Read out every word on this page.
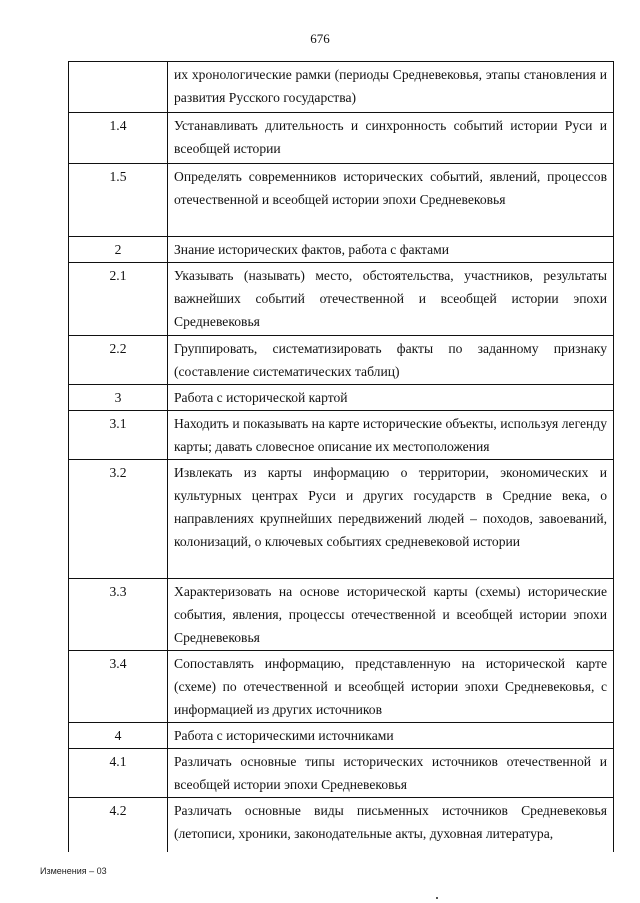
676
	их хронологические рамки (периоды Средневековья, этапы становления и развития Русского государства)
1.4	Устанавливать длительность и синхронность событий истории Руси и всеобщей истории
1.5	Определять современников исторических событий, явлений, процессов отечественной и всеобщей истории эпохи Средневековья
2	Знание исторических фактов, работа с фактами
2.1	Указывать (называть) место, обстоятельства, участников, результаты важнейших событий отечественной и всеобщей истории эпохи Средневековья
2.2	Группировать, систематизировать факты по заданному признаку (составление систематических таблиц)
3	Работа с исторической картой
3.1	Находить и показывать на карте исторические объекты, используя легенду карты; давать словесное описание их местоположения
3.2	Извлекать из карты информацию о территории, экономических и культурных центрах Руси и других государств в Средние века, о направлениях крупнейших передвижений людей – походов, завоеваний, колонизаций, о ключевых событиях средневековой истории
3.3	Характеризовать на основе исторической карты (схемы) исторические события, явления, процессы отечественной и всеобщей истории эпохи Средневековья
3.4	Сопоставлять информацию, представленную на исторической карте (схеме) по отечественной и всеобщей истории эпохи Средневековья, с информацией из других источников
4	Работа с историческими источниками
4.1	Различать основные типы исторических источников отечественной и всеобщей истории эпохи Средневековья
4.2	Различать основные виды письменных источников Средневековья (летописи, хроники, законодательные акты, духовная литература,
Изменения – 03
